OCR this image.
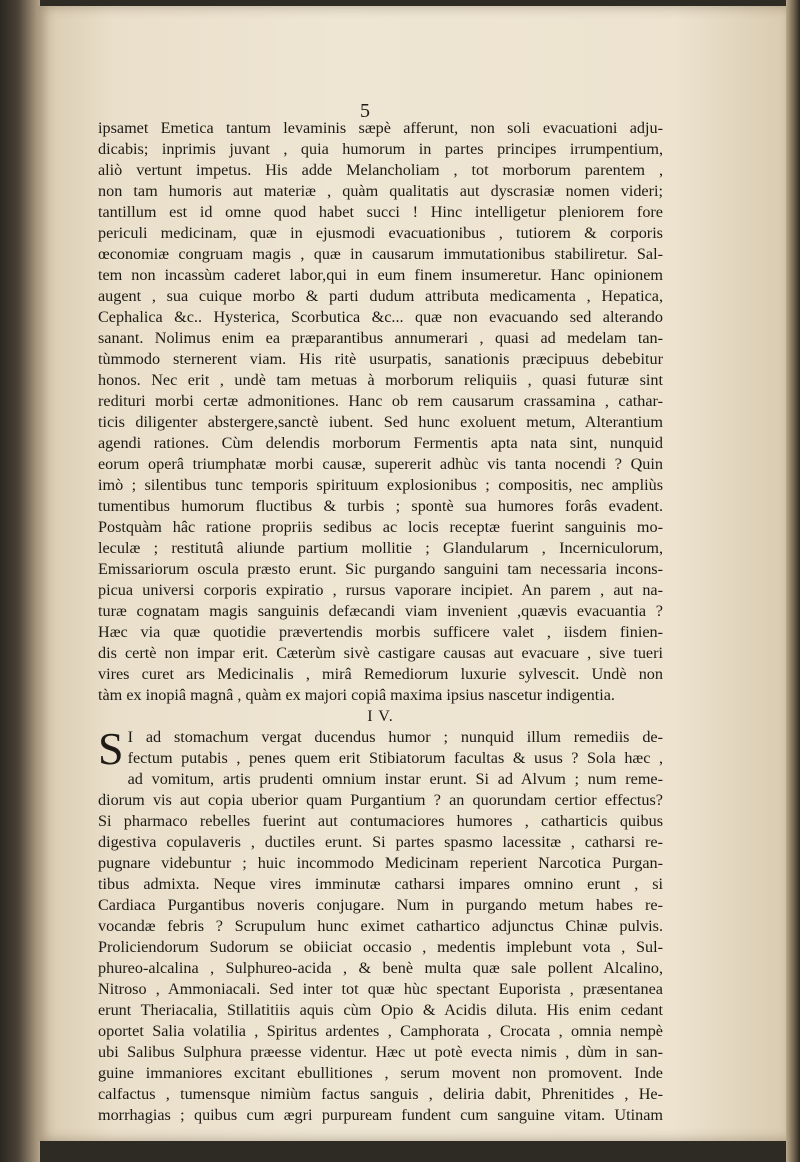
5
ipsamet Emetica tantum levaminis sæpè afferunt, non soli evacuationi adju-
dicabis; inprimis juvant , quia humorum in partes principes irrumpentium,
aliò vertunt impetus. His adde Melancholiam , tot morborum parentem ,
non tam humoris aut materiæ , quàm qualitatis aut dyscrasiæ nomen videri;
tantillum est id omne quod habet succi ! Hinc intelligetur pleniorem fore
periculi medicinam, quæ in ejusmodi evacuationibus , tutiorem & corporis
œconomiæ congruam magis , quæ in causarum immutationibus stabiliretur. Sal-
tem non incassùm caderet labor,qui in eum finem insumeretur. Hanc opinionem
augent , sua cuique morbo & parti dudum attributa medicamenta , Hepatica,
Cephalica &c.. Hysterica, Scorbutica &c... quæ non evacuando sed alterando
sanant. Nolimus enim ea præparantibus annumerari , quasi ad medelam tan-
tùmmodo sternerent viam. His ritè usurpatis, sanationis præcipuus debebitur
honos. Nec erit , undè tam metuas à morborum reliquiis , quasi futuræ sint
rediturі morbi certæ admonitiones. Hanc ob rem causarum crassamina , cathar-
ticis diligenter abstergere,sanctè iubent. Sed hunc exoluent metum, Alterantium
agendi rationes. Cùm delendis morborum Fermentis apta nata sint, nunquid
eorum operâ triumphatæ morbi causæ, supererit adhùc vis tanta nocendi ? Quin
imò ; silentibus tunc temporis spirituum explosionibus ; compositis, nec ampliùs
tumentibus humorum fluctibus & turbis ; spontè sua humores forâs evadent.
Postquàm hâc ratione propriis sedibus ac locis receptæ fuerint sanguinis mo-
leculæ ; restitutâ aliunde partium mollitie ; Glandularum , Incerniculorum,
Emissariorum oscula præsto erunt. Sic purgando sanguini tam necessaria incons-
picua universi corporis expiratio , rursus vaporare incipiet. An parem , aut na-
turæ cognatam magis sanguinis defæcandi viam invenient ,quævis evacuantia ?
Hæc via quæ quotidie prævertendis morbis sufficere valet , iisdem finien-
dis certè non impar erit. Cæterùm sivè castigare causas aut evacuare , sive tueri
vires curet ars Medicinalis , mirâ Remediorum luxurie sylvescit. Undè non
tàm ex inopiâ magnâ , quàm ex majori copiâ maxima ipsius nascetur indigentia.
I V.
S I ad stomachum vergat ducendus humor ; nunquid illum remediis de-
fectum putabis , penes quem erit Stibiatorum facultas & usus ? Sola hæc ,
ad vomitum, artis prudenti omnium instar erunt. Si ad Alvum ; num reme-
diorum vis aut copia uberior quam Purgantium ? an quorundam certior effectus?
Si pharmaco rebelles fuerint aut contumaciores humores , catharticis quibus
digestiva copulaveris , ductiles erunt. Si partes spasmo lacessitæ , catharsi re-
pugnare videbuntur ; huic incommodo Medicinam reperient Narcotica Purgan-
tibus admixta. Neque vires imminutæ catharsi impares omnino erunt , si
Cardiaca Purgantibus noveris conjugare. Num in purgando metum habes re-
vocandæ febris ? Scrupulum hunc eximet cathartico adjunctus Chinæ pulvis.
Proliciendorum Sudorum se obiiciat occasio , medentis implebunt vota , Sul-
phureo-alcalina , Sulphureo-acida , & benè multa quæ sale pollent Alcalino,
Nitroso , Ammoniacali. Sed inter tot quæ hùc spectant Euporista , præsentanea
erunt Theriacalia, Stillatitiis aquis cùm Opio & Acidis diluta. His enim cedant
oportet Salia volatilia , Spiritus ardentes , Camphorata , Crocata , omnia nempè
ubi Salibus Sulphura præesse videntur. Hæc ut potè evecta nimis , dùm in san-
guine immaniores excitant ebullitiones , serum movent non promovent. Inde
calfactus , tumensque nimiùm factus sanguis , deliria dabit, Phrenitides , He-
morrhagias ; quibus cum ægri purpuream fundent cum sanguine vitam. Utinam
